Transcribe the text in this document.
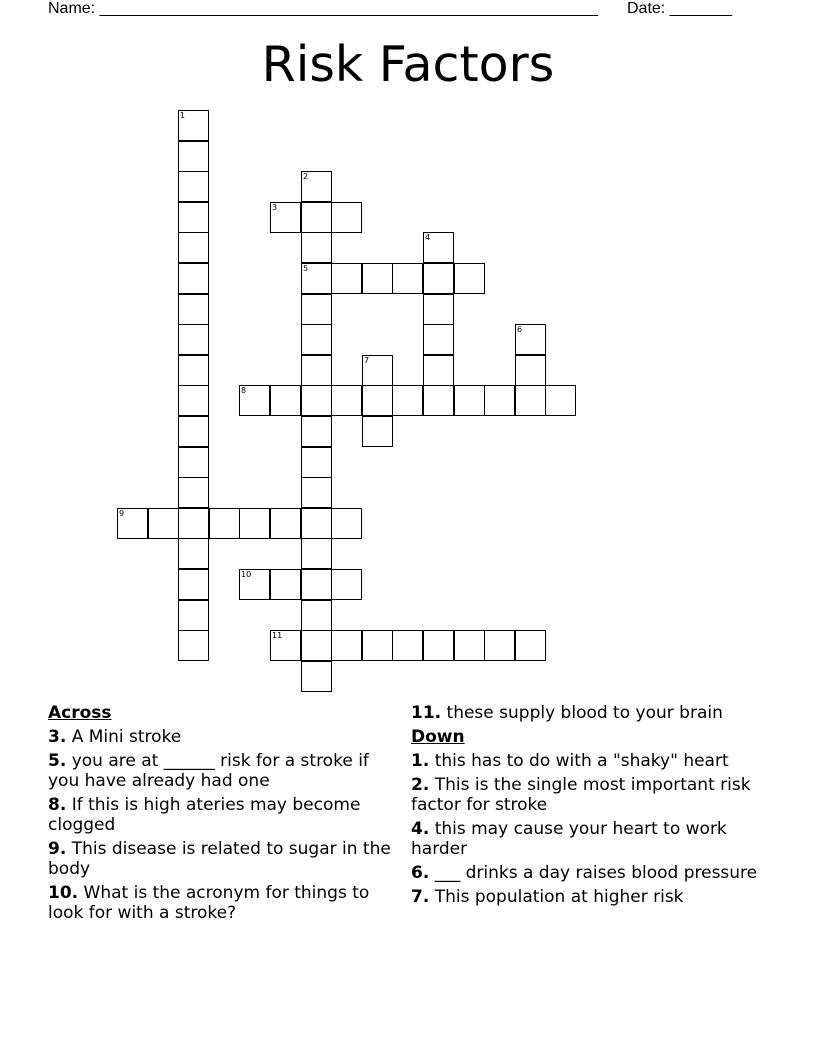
Name: ________________________________________________________ Date: _______
Risk Factors
1
2
3
4
5
6
7
8
9
10
11
Across
3. A Mini stroke
5. you are at ______ risk for a stroke if you have already had one
8. If this is high ateries may become clogged
9. This disease is related to sugar in the body
10. What is the acronym for things to look for with a stroke?
11. these supply blood to your brain
Down
1. this has to do with a "shaky" heart
2. This is the single most important risk factor for stroke
4. this may cause your heart to work harder
6. ___ drinks a day raises blood pressure
7. This population at higher risk
